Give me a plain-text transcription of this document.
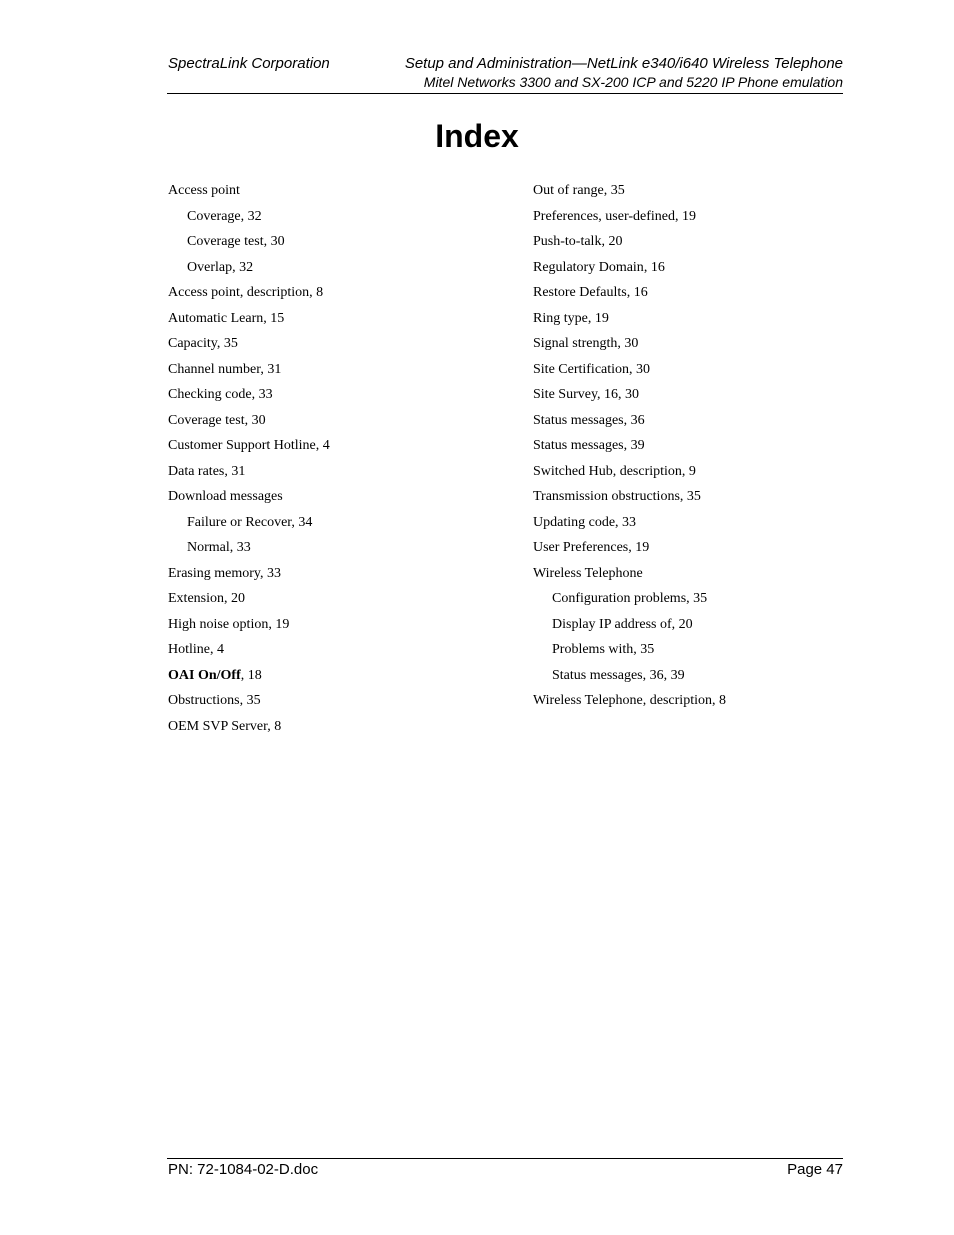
SpectraLink Corporation	Setup and Administration—NetLink e340/i640 Wireless Telephone
Mitel Networks 3300 and SX-200 ICP and 5220 IP Phone emulation
Index
Access point
Coverage, 32
Coverage test, 30
Overlap, 32
Access point, description, 8
Automatic Learn, 15
Capacity, 35
Channel number, 31
Checking code, 33
Coverage test, 30
Customer Support Hotline, 4
Data rates, 31
Download messages
Failure or Recover, 34
Normal, 33
Erasing memory, 33
Extension, 20
High noise option, 19
Hotline, 4
OAI On/Off, 18
Obstructions, 35
OEM SVP Server, 8
Out of range, 35
Preferences, user-defined, 19
Push-to-talk, 20
Regulatory Domain, 16
Restore Defaults, 16
Ring type, 19
Signal strength, 30
Site Certification, 30
Site Survey, 16, 30
Status messages, 36
Status messages, 39
Switched Hub, description, 9
Transmission obstructions, 35
Updating code, 33
User Preferences, 19
Wireless Telephone
Configuration problems, 35
Display IP address of, 20
Problems with, 35
Status messages, 36, 39
Wireless Telephone, description, 8
PN: 72-1084-02-D.doc	Page 47
